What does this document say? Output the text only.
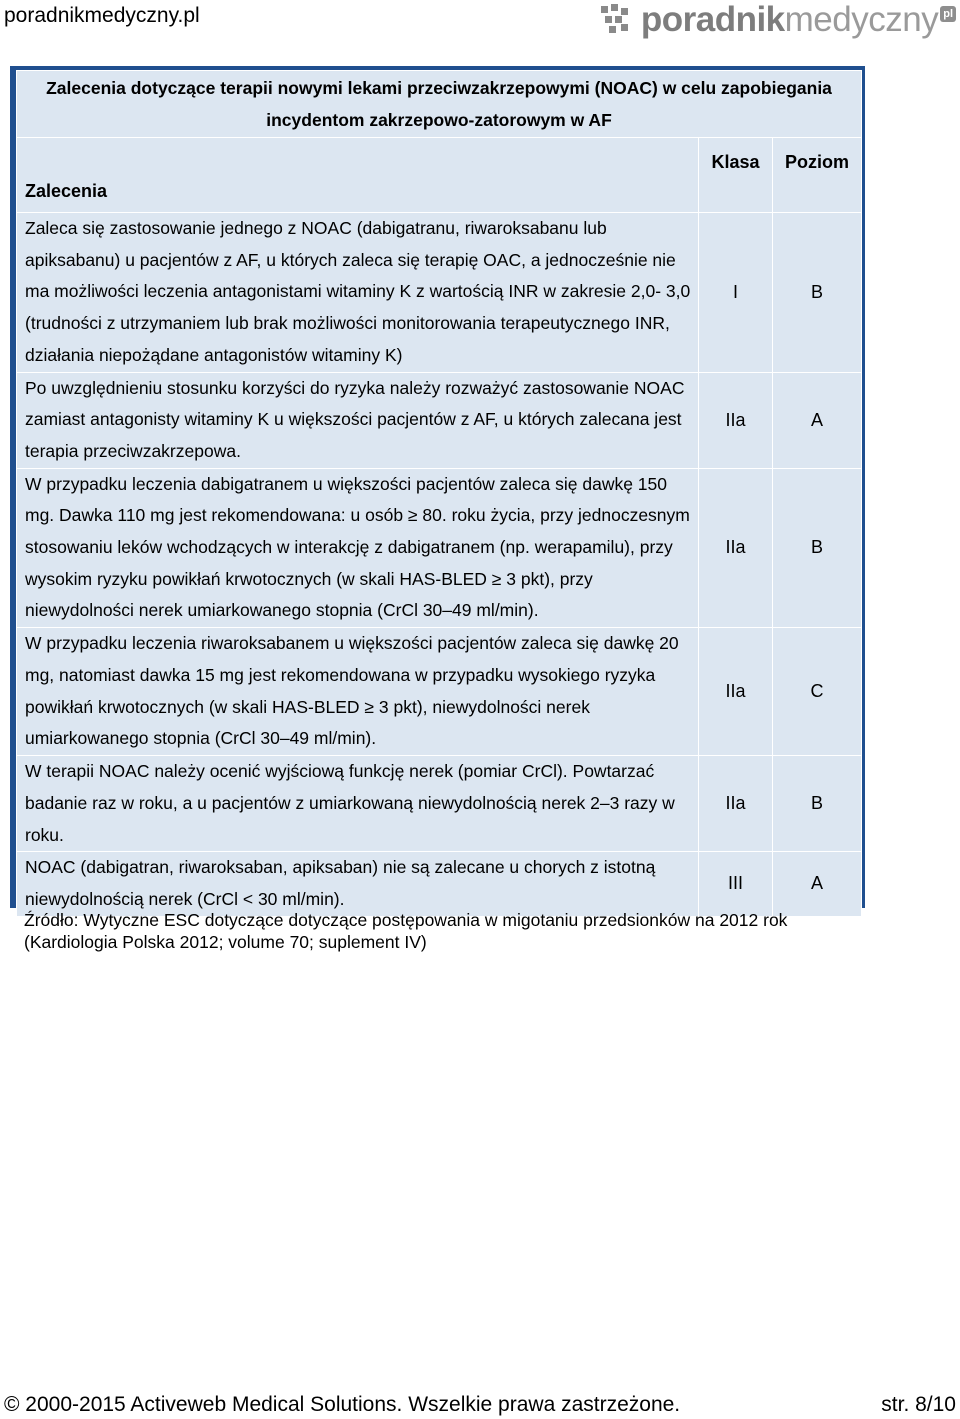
poradnikmedyczny.pl	poradnikmedyczny pl
Zalecenia dotyczące terapii nowymi lekami przeciwzakrzepowymi (NOAC) w celu zapobiegania incydentom zakrzepowo-zatorowym w AF		
Zalecenia	Klasa	Poziom
Zaleca się zastosowanie jednego z NOAC (dabigatranu, riwaroksabanu lub apiksabanu) u pacjentów z AF, u których zaleca się terapię OAC, a jednocześnie nie ma możliwości leczenia antagonistami witaminy K z wartością INR w zakresie 2,0- 3,0 (trudności z utrzymaniem lub brak możliwości monitorowania terapeutycznego INR, działania niepożądane antagonistów witaminy K)	I	B
Po uwzględnieniu stosunku korzyści do ryzyka należy rozważyć zastosowanie NOAC zamiast antagonisty witaminy K u większości pacjentów z AF, u których zalecana jest terapia przeciwzakrzepowa.	IIa	A
W przypadku leczenia dabigatranem u większości pacjentów zaleca się dawkę 150 mg. Dawka 110 mg jest rekomendowana: u osób ≥ 80. roku życia, przy jednoczesnym stosowaniu leków wchodzących w interakcję z dabigatranem (np. werapamilu), przy wysokim ryzyku powikłań krwotocznych (w skali HAS-BLED ≥ 3 pkt), przy niewydolności nerek umiarkowanego stopnia (CrCl 30–49 ml/min).	IIa	B
W przypadku leczenia riwaroksabanem u większości pacjentów zaleca się dawkę 20 mg, natomiast dawka 15 mg jest rekomendowana w przypadku wysokiego ryzyka powikłań krwotocznych (w skali HAS-BLED ≥ 3 pkt), niewydolności nerek umiarkowanego stopnia (CrCl 30–49 ml/min).	IIa	C
W terapii NOAC należy ocenić wyjściową funkcję nerek (pomiar CrCl). Powtarzać badanie raz w roku, a u pacjentów z umiarkowaną niewydolnością nerek 2–3 razy w roku.	IIa	B
NOAC (dabigatran, riwaroksaban, apiksaban) nie są zalecane u chorych z istotną niewydolnością nerek (CrCl < 30 ml/min).	III	A
Źródło: Wytyczne ESC dotyczące dotyczące postępowania w migotaniu przedsionków na 2012 rok (Kardiologia Polska 2012; volume 70; suplement IV)
© 2000-2015 Activeweb Medical Solutions. Wszelkie prawa zastrzeżone.	str. 8/10
